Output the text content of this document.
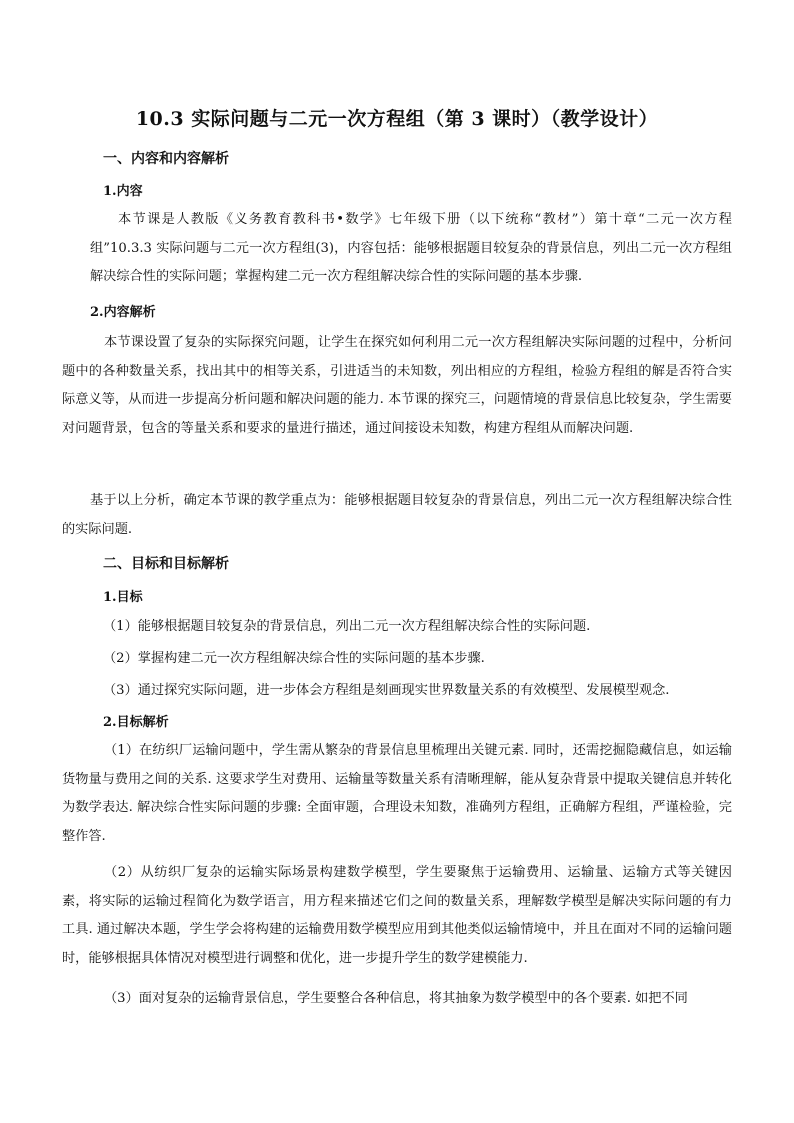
10.3 实际问题与二元一次方程组（第 3 课时）（教学设计）
一、内容和内容解析
1.内容
本节课是人教版《义务教育教科书•数学》七年级下册（以下统称“教材”）第十章“二元一次方程组”10.3.3 实际问题与二元一次方程组(3)，内容包括：能够根据题目较复杂的背景信息，列出二元一次方程组解决综合性的实际问题；掌握构建二元一次方程组解决综合性的实际问题的基本步骤.
2.内容解析
本节课设置了复杂的实际探究问题，让学生在探究如何利用二元一次方程组解决实际问题的过程中，分析问题中的各种数量关系，找出其中的相等关系，引进适当的未知数，列出相应的方程组，检验方程组的解是否符合实际意义等，从而进一步提高分析问题和解决问题的能力. 本节课的探究三，问题情境的背景信息比较复杂，学生需要对问题背景，包含的等量关系和要求的量进行描述，通过间接设未知数，构建方程组从而解决问题.
基于以上分析，确定本节课的教学重点为：能够根据题目较复杂的背景信息，列出二元一次方程组解决综合性的实际问题.
二、目标和目标解析
1.目标
（1）能够根据题目较复杂的背景信息，列出二元一次方程组解决综合性的实际问题.
（2）掌握构建二元一次方程组解决综合性的实际问题的基本步骤.
（3）通过探究实际问题，进一步体会方程组是刻画现实世界数量关系的有效模型、发展模型观念.
2.目标解析
（1）在纺织厂运输问题中，学生需从繁杂的背景信息里梳理出关键元素. 同时，还需挖掘隐藏信息，如运输货物量与费用之间的关系. 这要求学生对费用、运输量等数量关系有清晰理解，能从复杂背景中提取关键信息并转化为数学表达. 解决综合性实际问题的步骤: 全面审题，合理设未知数，准确列方程组，正确解方程组，严谨检验，完整作答.
（2）从纺织厂复杂的运输实际场景构建数学模型，学生要聚焦于运输费用、运输量、运输方式等关键因素，将实际的运输过程简化为数学语言，用方程来描述它们之间的数量关系，理解数学模型是解决实际问题的有力工具. 通过解决本题，学生学会将构建的运输费用数学模型应用到其他类似运输情境中，并且在面对不同的运输问题时，能够根据具体情况对模型进行调整和优化，进一步提升学生的数学建模能力.
（3）面对复杂的运输背景信息，学生要整合各种信息，将其抽象为数学模型中的各个要素. 如把不同
